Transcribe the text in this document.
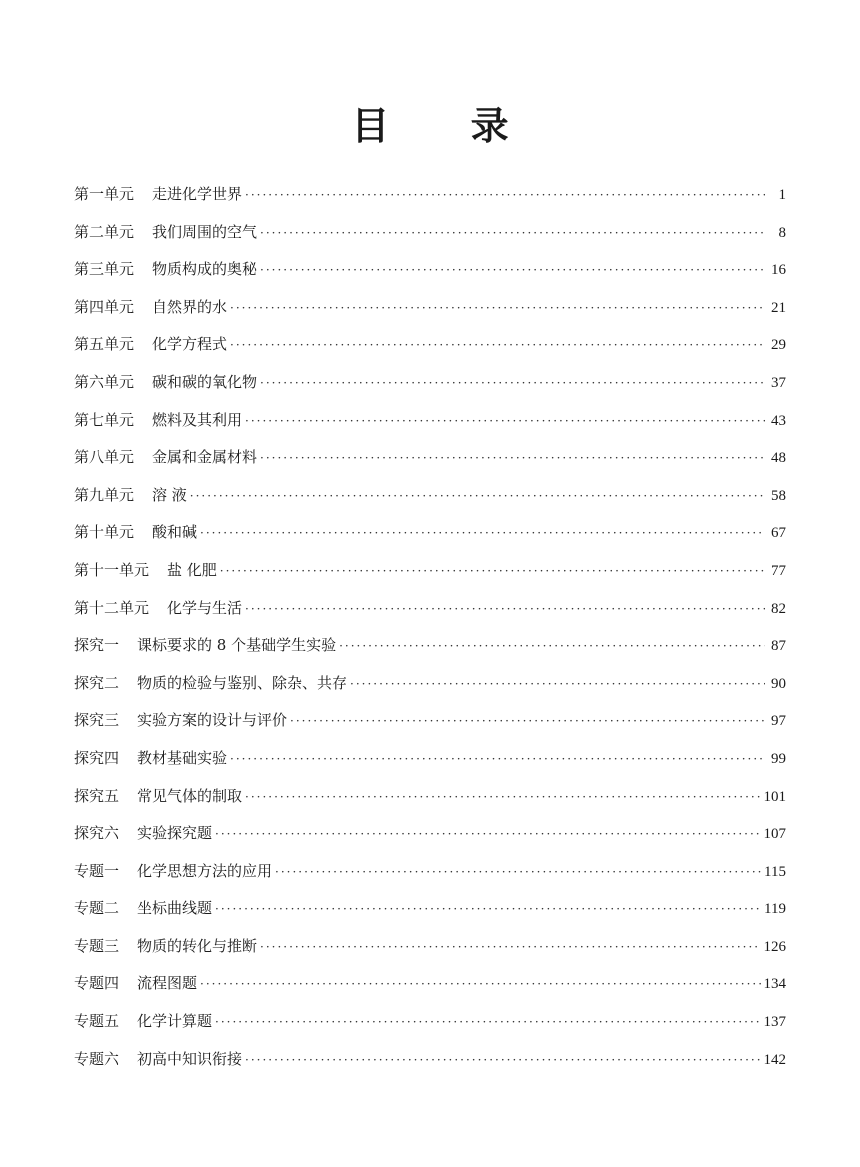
目 录
第一单元 走进化学世界 ·····	1
第二单元 我们周围的空气 ·····	8
第三单元 物质构成的奥秘 ·····	16
第四单元 自然界的水 ·····	21
第五单元 化学方程式 ·····	29
第六单元 碳和碳的氧化物 ·····	37
第七单元 燃料及其利用 ·····	43
第八单元 金属和金属材料 ·····	48
第九单元 溶 液 ·····	58
第十单元 酸和碱 ·····	67
第十一单元 盐 化肥 ·····	77
第十二单元 化学与生活 ·····	82
探究一 课标要求的 8 个基础学生实验 ·····	87
探究二 物质的检验与鉴别、除杂、共存 ·····	90
探究三 实验方案的设计与评价 ·····	97
探究四 教材基础实验 ·····	99
探究五 常见气体的制取 ·····	101
探究六 实验探究题 ·····	107
专题一 化学思想方法的应用 ·····	115
专题二 坐标曲线题 ·····	119
专题三 物质的转化与推断 ·····	126
专题四 流程图题 ·····	134
专题五 化学计算题 ·····	137
专题六 初高中知识衔接 ·····	142
